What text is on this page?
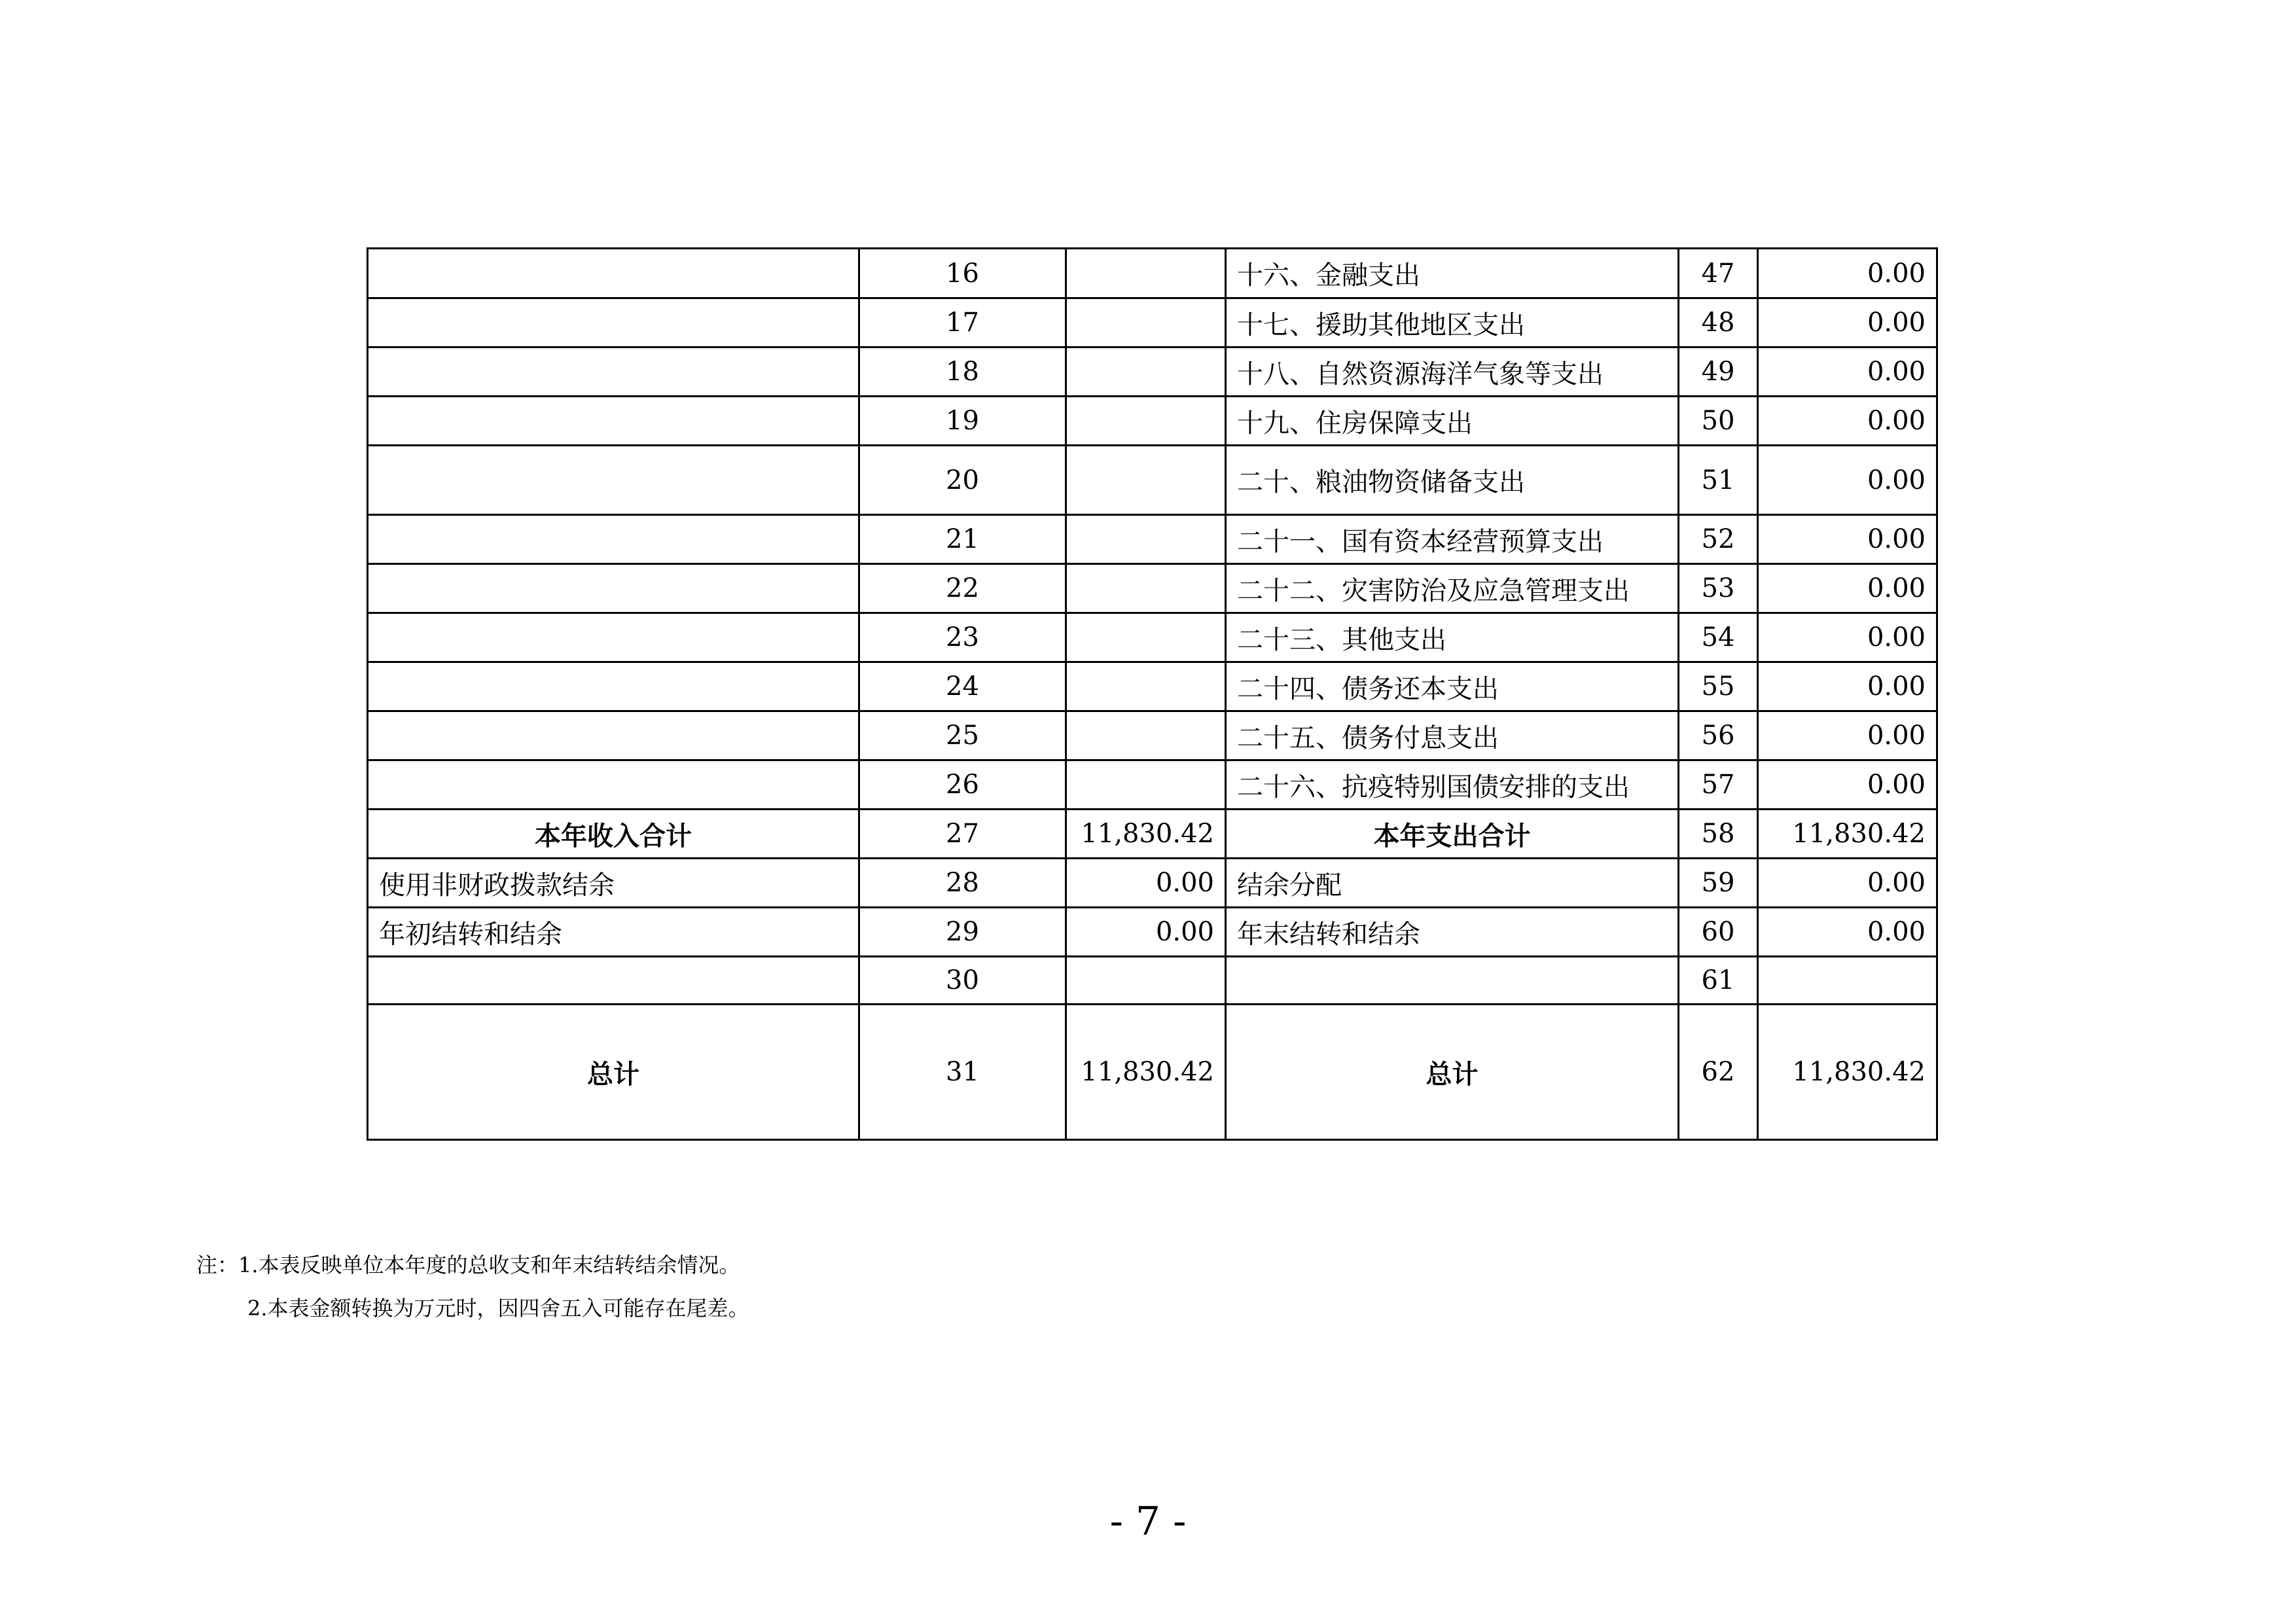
	16		十六、金融支出	47	0.00
	17		十七、援助其他地区支出	48	0.00
	18		十八、自然资源海洋气象等支出	49	0.00
	19		十九、住房保障支出	50	0.00
	20		二十、粮油物资储备支出	51	0.00
	21		二十一、国有资本经营预算支出	52	0.00
	22		二十二、灾害防治及应急管理支出	53	0.00
	23		二十三、其他支出	54	0.00
	24		二十四、债务还本支出	55	0.00
	25		二十五、债务付息支出	56	0.00
	26		二十六、抗疫特别国债安排的支出	57	0.00
本年收入合计	27	11,830.42	本年支出合计	58	11,830.42
使用非财政拨款结余	28	0.00	结余分配	59	0.00
年初结转和结余	29	0.00	年末结转和结余	60	0.00
	30			61	
总计	31	11,830.42	总计	62	11,830.42
注：1.本表反映单位本年度的总收支和年末结转结余情况。
2.本表金额转换为万元时，因四舍五入可能存在尾差。
- 7 -
